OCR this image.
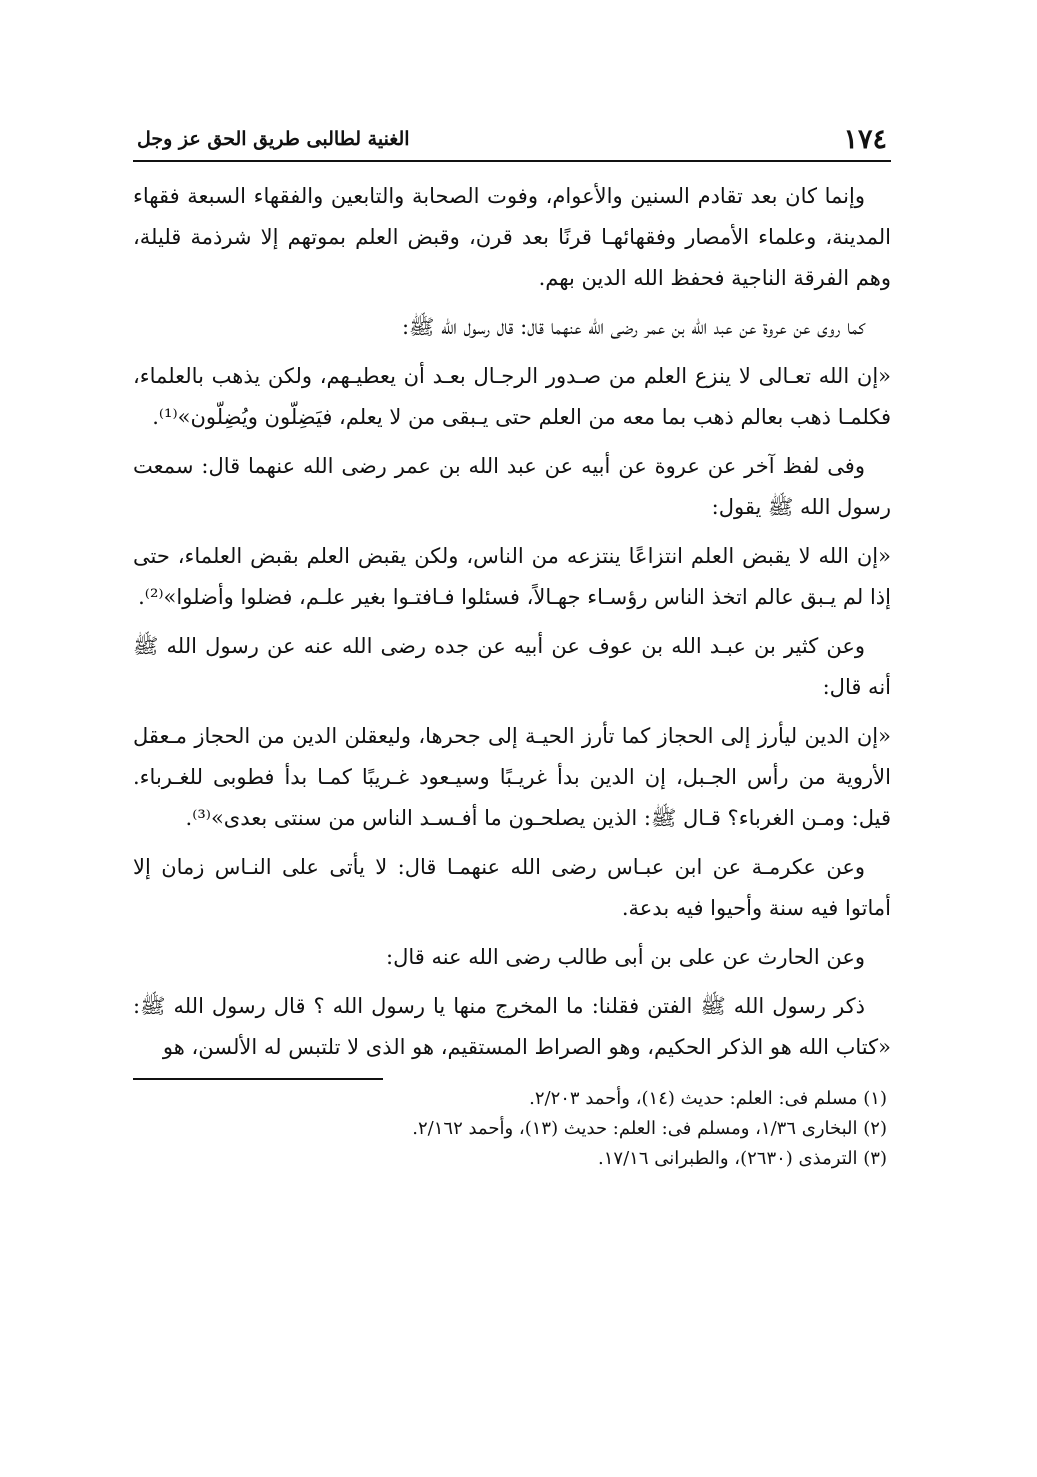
١٧٤
الغنية لطالبى طريق الحق عز وجل

وإنما كان بعد تقادم السنين والأعوام، وفوت الصحابة والتابعين والفقهاء السبعة فقهاء المدينة، وعلماء الأمصار وفقهائهـا قرنًا بعد قرن، وقبض العلم بموتهم إلا شرذمة قليلة، وهم الفرقة الناجية فحفظ الله الدين بهم.

كما روى عن عروة عن عبد الله بن عمر رضى الله عنهما قال: قال رسول الله ﷺ:

«إن الله تعـالى لا ينزع العلم من صـدور الرجـال بعـد أن يعطيـهم، ولكن يذهب بالعلماء، فكلمـا ذهب بعالم ذهب بما معه من العلم حتى يـبقى من لا يعلم، فيَضِلّون ويُضِلّون»⁽¹⁾.

وفى لفظ آخر عن عروة عن أبيه عن عبد الله بن عمر رضى الله عنهما قال: سمعت رسول الله ﷺ يقول:

«إن الله لا يقبض العلم انتزاعًا ينتزعه من الناس، ولكن يقبض العلم بقبض العلماء، حتى إذا لم يـبق عالم اتخذ الناس رؤسـاء جهـالاً، فسئلوا فـافتـوا بغير علـم، فضلوا وأضلوا»⁽²⁾.

وعن كثير بن عبـد الله بن عوف عن أبيه عن جده رضى الله عنه عن رسول الله ﷺ أنه قال:

«إن الدين ليأرز إلى الحجاز كما تأرز الحيـة إلى جحرها، وليعقلن الدين من الحجاز مـعقل الأروية من رأس الجـبل، إن الدين بدأ غريـبًا وسيـعود غـريبًا كمـا بدأ فطوبى للغـرباء. قيل: ومـن الغرباء؟ قـال ﷺ: الذين يصلحـون ما أفـسـد الناس من سنتى بعدى»⁽³⁾.

وعن عكرمـة عن ابن عبـاس رضى الله عنهمـا قال: لا يأتى على النـاس زمان إلا أماتوا فيه سنة وأحيوا فيه بدعة.

وعن الحارث عن على بن أبى طالب رضى الله عنه قال:

ذكر رسول الله ﷺ الفتن فقلنا: ما المخرج منها يا رسول الله ؟ قال رسول الله ﷺ: «كتاب الله هو الذكر الحكيم، وهو الصراط المستقيم، هو الذى لا تلتبس له الألسن، هو

(١) مسلم فى: العلم: حديث (١٤)، وأحمد ٢/٢٠٣.

(٢) البخارى ١/٣٦، ومسلم فى: العلم: حديث (١٣)، وأحمد ٢/١٦٢.

(٣) الترمذى (٢٦٣٠)، والطبرانى ١٧/١٦.
